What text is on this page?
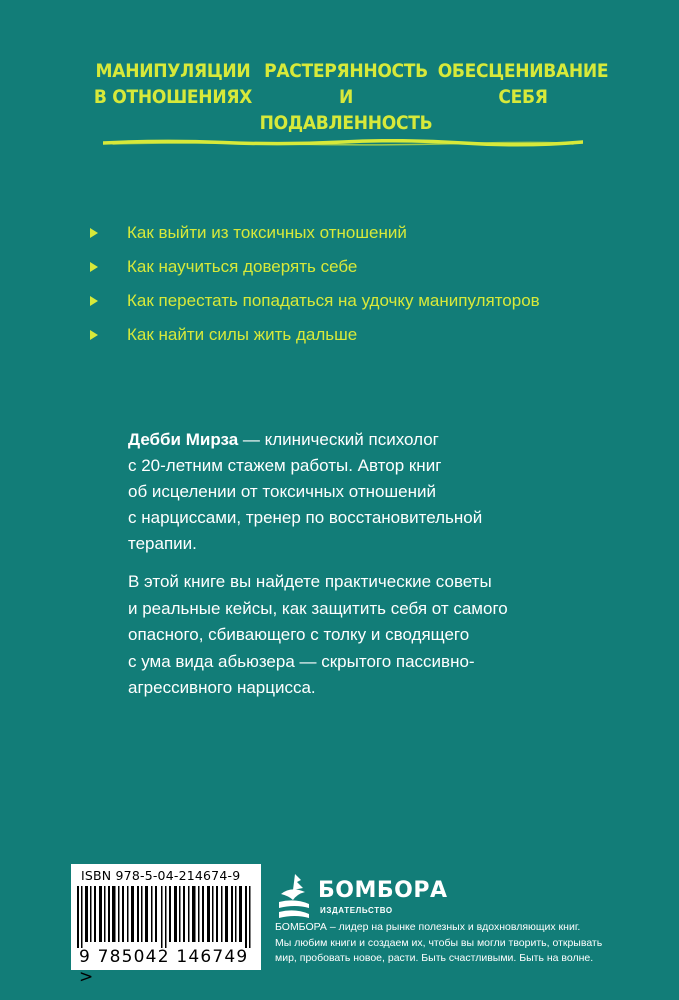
МАНИПУЛЯЦИИ
В ОТНОШЕНИЯХ
РАСТЕРЯННОСТЬ
И ПОДАВЛЕННОСТЬ
ОБЕСЦЕНИВАНИЕ
СЕБЯ
Как выйти из токсичных отношений
Как научиться доверять себе
Как перестать попадаться на удочку манипуляторов
Как найти силы жить дальше

Дебби Мирза — клинический психолог

с 20-летним стажем работы. Автор книг

об исцелении от токсичных отношений

с нарциссами, тренер по восстановительной

терапии.

В этой книге вы найдете практические советы
и реальные кейсы, как защитить себя от самого
опасного, сбивающего с толку и сводящего
с ума вида абьюзера — скрытого пассивно-
агрессивного нарцисса.
ISBN 978-5-04-214674-9
9 785042 146749 >
БОМБОРА
ИЗДАТЕЛЬСТВО

БОМБОРА – лидер на рынке полезных и вдохновляющих книг.

Мы любим книги и создаем их, чтобы вы могли творить, открывать

мир, пробовать новое, расти. Быть счастливыми. Быть на волне.
